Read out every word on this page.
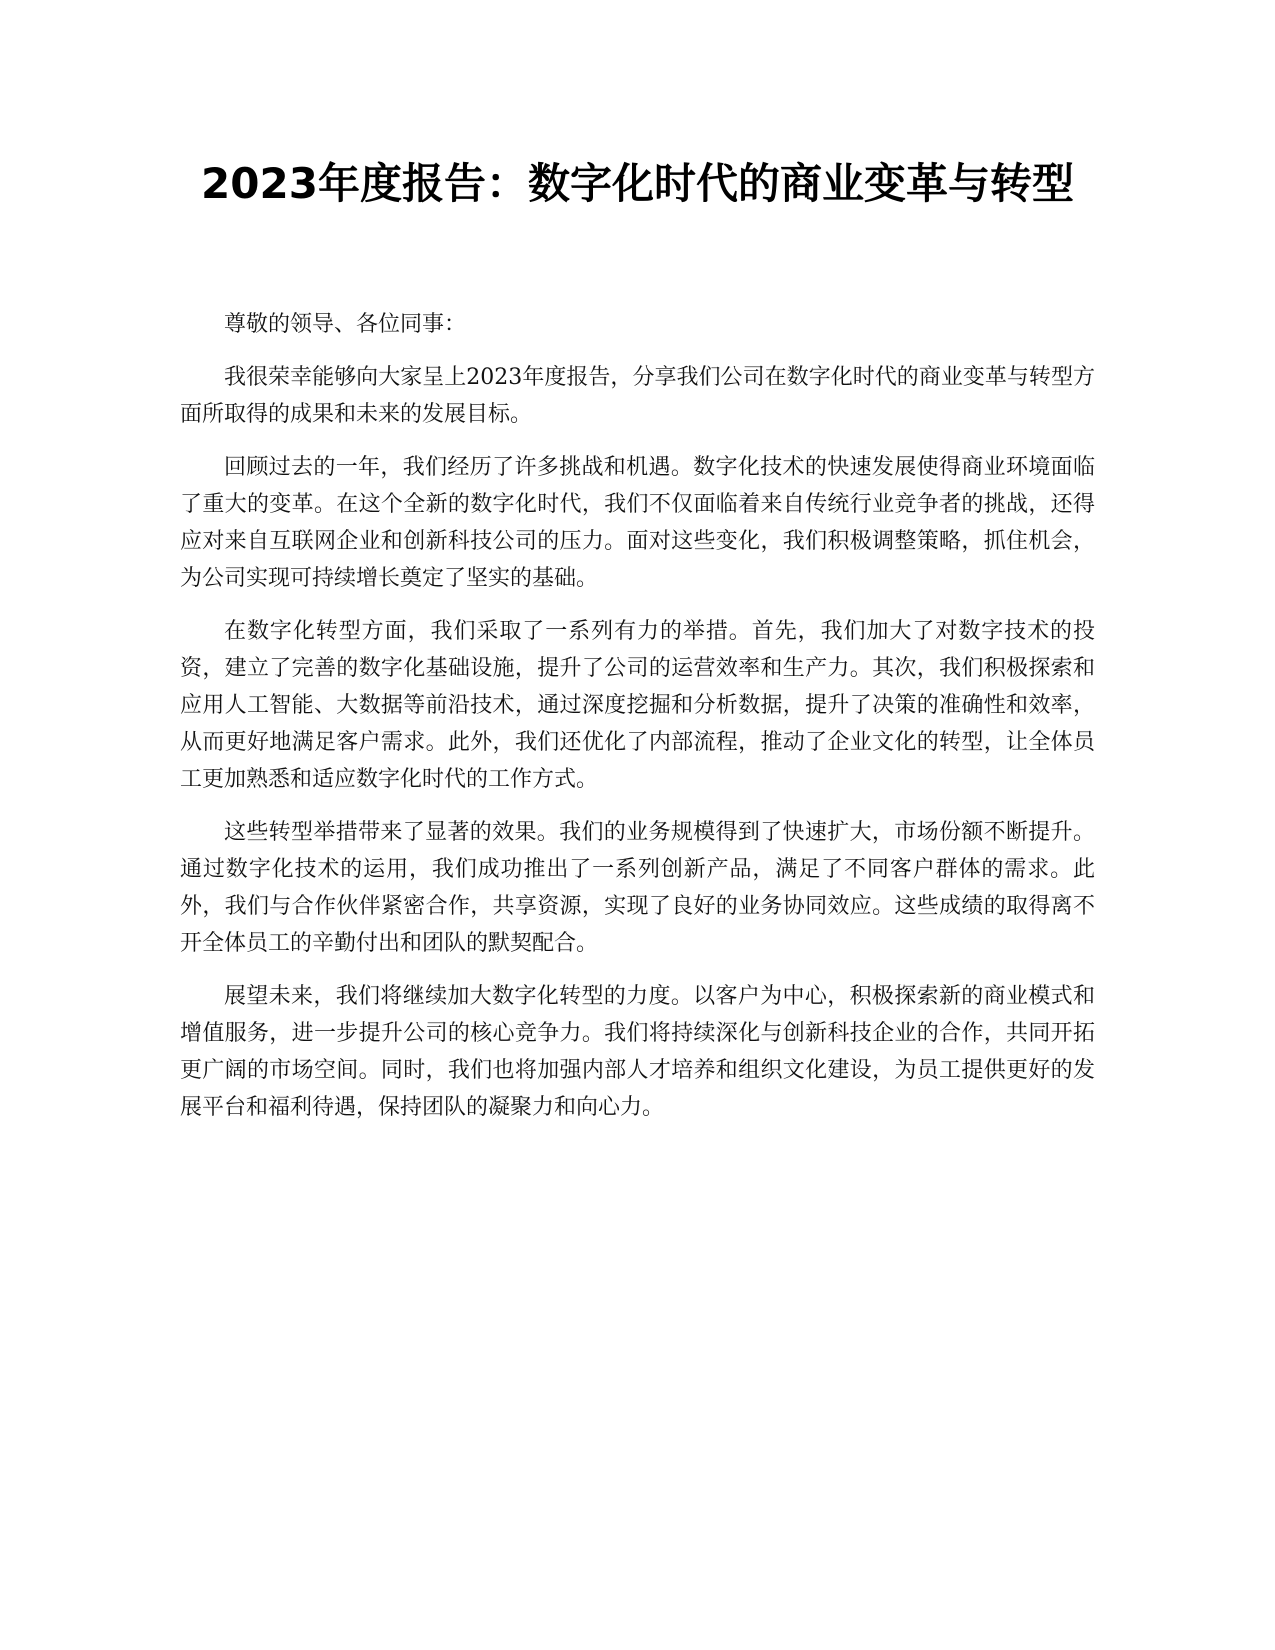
2023年度报告：数字化时代的商业变革与转型

尊敬的领导、各位同事：

我很荣幸能够向大家呈上2023年度报告，分享我们公司在数字化时代的商业变革与转型方面所取得的成果和未来的发展目标。

回顾过去的一年，我们经历了许多挑战和机遇。数字化技术的快速发展使得商业环境面临了重大的变革。在这个全新的数字化时代，我们不仅面临着来自传统行业竞争者的挑战，还得应对来自互联网企业和创新科技公司的压力。面对这些变化，我们积极调整策略，抓住机会，为公司实现可持续增长奠定了坚实的基础。

在数字化转型方面，我们采取了一系列有力的举措。首先，我们加大了对数字技术的投资，建立了完善的数字化基础设施，提升了公司的运营效率和生产力。其次，我们积极探索和应用人工智能、大数据等前沿技术，通过深度挖掘和分析数据，提升了决策的准确性和效率，从而更好地满足客户需求。此外，我们还优化了内部流程，推动了企业文化的转型，让全体员工更加熟悉和适应数字化时代的工作方式。

这些转型举措带来了显著的效果。我们的业务规模得到了快速扩大，市场份额不断提升。通过数字化技术的运用，我们成功推出了一系列创新产品，满足了不同客户群体的需求。此外，我们与合作伙伴紧密合作，共享资源，实现了良好的业务协同效应。这些成绩的取得离不开全体员工的辛勤付出和团队的默契配合。

展望未来，我们将继续加大数字化转型的力度。以客户为中心，积极探索新的商业模式和增值服务，进一步提升公司的核心竞争力。我们将持续深化与创新科技企业的合作，共同开拓更广阔的市场空间。同时，我们也将加强内部人才培养和组织文化建设，为员工提供更好的发展平台和福利待遇，保持团队的凝聚力和向心力。
